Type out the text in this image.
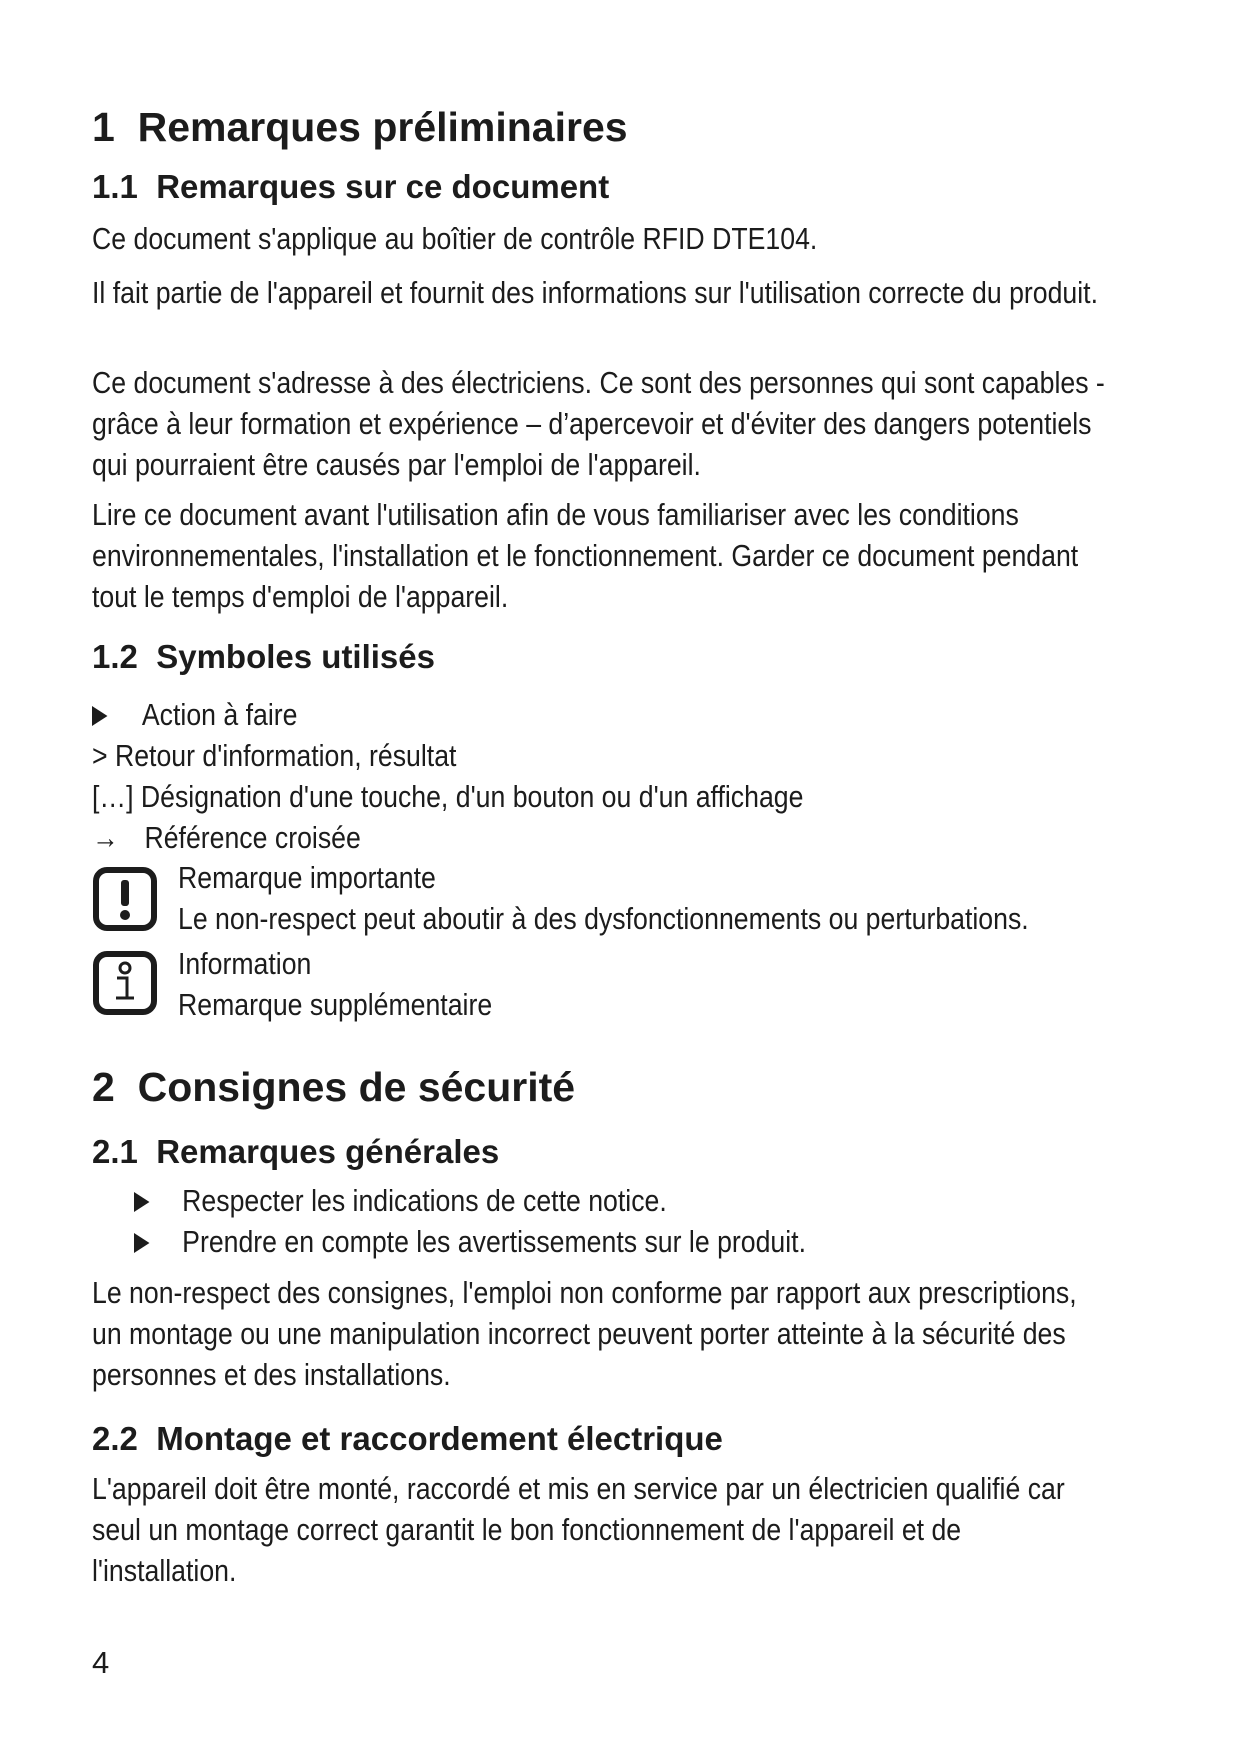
1 Remarques préliminaires
1.1 Remarques sur ce document
Ce document s'applique au boîtier de contrôle RFID DTE104.
Il fait partie de l'appareil et fournit des informations sur l'utilisation correcte du produit.
Ce document s'adresse à des électriciens. Ce sont des personnes qui sont capables - grâce à leur formation et expérience – d’apercevoir et d'éviter des dangers potentiels qui pourraient être causés par l'emploi de l'appareil.
Lire ce document avant l'utilisation afin de vous familiariser avec les conditions environnementales, l'installation et le fonctionnement. Garder ce document pendant tout le temps d'emploi de l'appareil.
1.2 Symboles utilisés
Action à faire
> Retour d'information, résultat
[…] Désignation d'une touche, d'un bouton ou d'un affichage
→ Référence croisée
Remarque importante
Le non-respect peut aboutir à des dysfonctionnements ou perturbations.
Information
Remarque supplémentaire
2 Consignes de sécurité
2.1 Remarques générales
Respecter les indications de cette notice.
Prendre en compte les avertissements sur le produit.
Le non-respect des consignes, l'emploi non conforme par rapport aux prescriptions, un montage ou une manipulation incorrect peuvent porter atteinte à la sécurité des personnes et des installations.
2.2 Montage et raccordement électrique
L'appareil doit être monté, raccordé et mis en service par un électricien qualifié car seul un montage correct garantit le bon fonctionnement de l'appareil et de l'installation.
4
